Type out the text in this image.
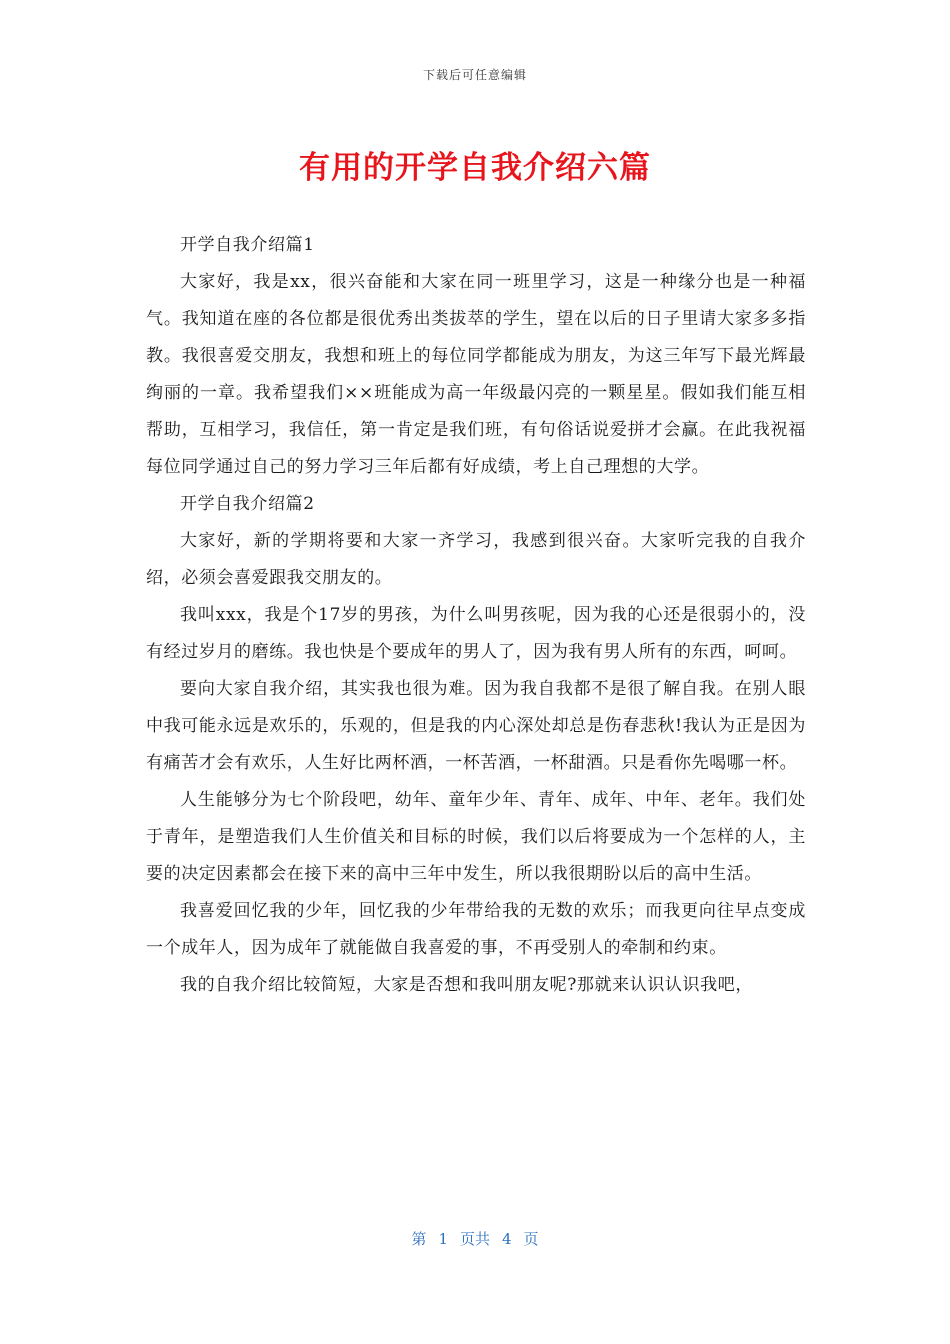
下载后可任意编辑
有用的开学自我介绍六篇

开学自我介绍篇1

大家好，我是xx，很兴奋能和大家在同一班里学习，这是一种缘分也是一种福气。我知道在座的各位都是很优秀出类拔萃的学生，望在以后的日子里请大家多多指教。我很喜爱交朋友，我想和班上的每位同学都能成为朋友，为这三年写下最光辉最绚丽的一章。我希望我们××班能成为高一年级最闪亮的一颗星星。假如我们能互相帮助，互相学习，我信任，第一肯定是我们班，有句俗话说爱拼才会赢。在此我祝福每位同学通过自己的努力学习三年后都有好成绩，考上自己理想的大学。

开学自我介绍篇2

大家好，新的学期将要和大家一齐学习，我感到很兴奋。大家听完我的自我介绍，必须会喜爱跟我交朋友的。

我叫xxx，我是个17岁的男孩，为什么叫男孩呢，因为我的心还是很弱小的，没有经过岁月的磨练。我也快是个要成年的男人了，因为我有男人所有的东西，呵呵。

要向大家自我介绍，其实我也很为难。因为我自我都不是很了解自我。在别人眼中我可能永远是欢乐的，乐观的，但是我的内心深处却总是伤春悲秋!我认为正是因为有痛苦才会有欢乐，人生好比两杯酒，一杯苦酒，一杯甜酒。只是看你先喝哪一杯。

人生能够分为七个阶段吧，幼年、童年少年、青年、成年、中年、老年。我们处于青年，是塑造我们人生价值关和目标的时候，我们以后将要成为一个怎样的人，主要的决定因素都会在接下来的高中三年中发生，所以我很期盼以后的高中生活。

我喜爱回忆我的少年，回忆我的少年带给我的无数的欢乐；而我更向往早点变成一个成年人，因为成年了就能做自我喜爱的事，不再受别人的牵制和约束。

我的自我介绍比较简短，大家是否想和我叫朋友呢?那就来认识认识我吧，

第 1 页共 4 页
